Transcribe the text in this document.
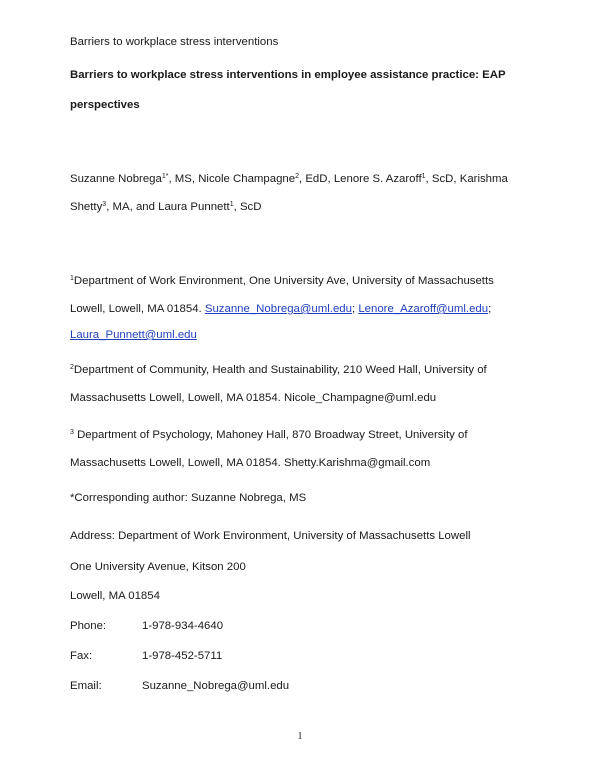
Barriers to workplace stress interventions
Barriers to workplace stress interventions in employee assistance practice: EAP
perspectives
Suzanne Nobrega$^{1*}$, MS, Nicole Champagne$^2$, EdD, Lenore S. Azaroff$^1$, ScD, Karishma
Shetty$^3$, MA, and Laura Punnett$^1$, ScD
$^1$Department of Work Environment, One University Ave, University of Massachusetts
Lowell, Lowell, MA 01854. Suzanne_Nobrega@uml.edu; Lenore_Azaroff@uml.edu;
Laura_Punnett@uml.edu
$^2$Department of Community, Health and Sustainability, 210 Weed Hall, University of
Massachusetts Lowell, Lowell, MA 01854. Nicole_Champagne@uml.edu
$^3$ Department of Psychology, Mahoney Hall, 870 Broadway Street, University of
Massachusetts Lowell, Lowell, MA 01854. Shetty.Karishma@gmail.com
*Corresponding author: Suzanne Nobrega, MS
Address: Department of Work Environment, University of Massachusetts Lowell
One University Avenue, Kitson 200
Lowell, MA 01854
Phone:	1-978-934-4640
Fax:	1-978-452-5711
Email:	Suzanne_Nobrega@uml.edu
1
